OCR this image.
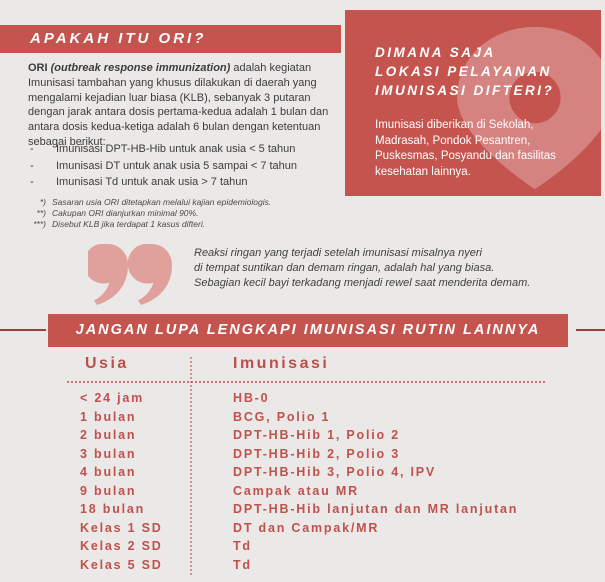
APAKAH ITU ORI?
ORI (outbreak response immunization) adalah kegiatan Imunisasi tambahan yang khusus dilakukan di daerah yang mengalami kejadian luar biasa (KLB), sebanyak 3 putaran dengan jarak antara dosis pertama-kedua adalah 1 bulan dan antara dosis kedua-ketiga adalah 6 bulan dengan ketentuan sebagai berikut:
- Imunisasi DPT-HB-Hib untuk anak usia < 5 tahun
- Imunisasi DT untuk anak usia 5 sampai < 7 tahun
- Imunisasi Td untuk anak usia > 7 tahun
*) Sasaran usia ORI ditetapkan melalui kajian epidemiologis.
**) Cakupan ORI dianjurkan minimal 90%.
***) Disebut KLB jika terdapat 1 kasus difteri.
DIMANA SAJA
LOKASI PELAYANAN
IMUNISASI DIFTERI?
Imunisasi diberikan di Sekolah, Madrasah, Pondok Pesantren, Puskesmas, Posyandu dan fasilitas kesehatan lainnya.
Reaksi ringan yang terjadi setelah imunisasi misalnya nyeri
di tempat suntikan dan demam ringan, adalah hal yang biasa.
Sebagian kecil bayi terkadang menjadi rewel saat menderita demam.
JANGAN LUPA LENGKAPI IMUNISASI RUTIN LAINNYA
Usia	Imunisasi
< 24 jam	HB-0
1 bulan	BCG, Polio 1
2 bulan	DPT-HB-Hib 1, Polio 2
3 bulan	DPT-HB-Hib 2, Polio 3
4 bulan	DPT-HB-Hib 3, Polio 4, IPV
9 bulan	Campak atau MR
18 bulan	DPT-HB-Hib lanjutan dan MR lanjutan
Kelas 1 SD	DT dan Campak/MR
Kelas 2 SD	Td
Kelas 5 SD	Td
